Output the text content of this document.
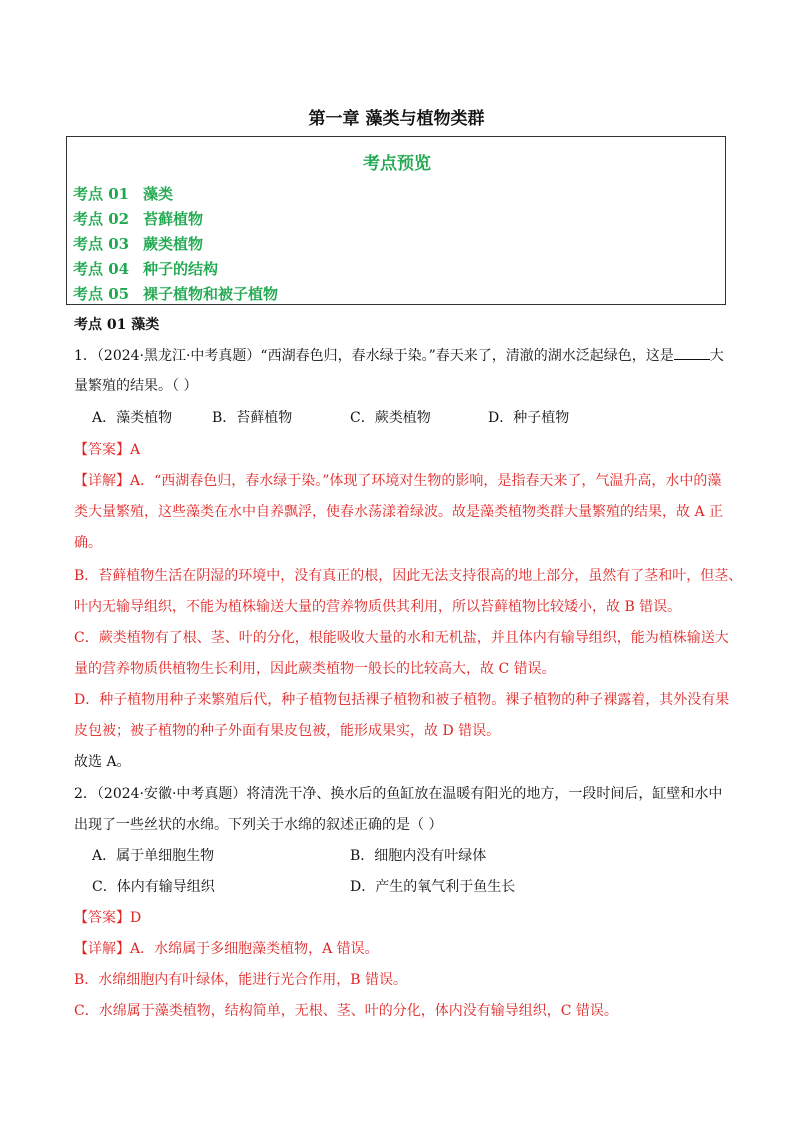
第一章 藻类与植物类群
考点预览
考点 01 藻类
考点 02 苔藓植物
考点 03 蕨类植物
考点 04 种子的结构
考点 05 裸子植物和被子植物
考点 01 藻类
1．（2024·黑龙江·中考真题）“西湖春色归，春水绿于染。”春天来了，清澈的湖水泛起绿色，这是	大
量繁殖的结果。（ ）
A．藻类植物	B．苔藓植物	C．蕨类植物	D．种子植物
【答案】A
【详解】A．“西湖春色归，春水绿于染。”体现了环境对生物的影响，是指春天来了，气温升高，水中的藻
类大量繁殖，这些藻类在水中自养飘浮，使春水荡漾着绿波。故是藻类植物类群大量繁殖的结果，故 A 正
确。
B．苔藓植物生活在阴湿的环境中，没有真正的根，因此无法支持很高的地上部分，虽然有了茎和叶，但茎、
叶内无输导组织，不能为植株输送大量的营养物质供其利用，所以苔藓植物比较矮小，故 B 错误。
C．蕨类植物有了根、茎、叶的分化，根能吸收大量的水和无机盐，并且体内有输导组织，能为植株输送大
量的营养物质供植物生长利用，因此蕨类植物一般长的比较高大，故 C 错误。
D．种子植物用种子来繁殖后代，种子植物包括裸子植物和被子植物。裸子植物的种子裸露着，其外没有果
皮包被；被子植物的种子外面有果皮包被，能形成果实，故 D 错误。
故选 A。
2．（2024·安徽·中考真题）将清洗干净、换水后的鱼缸放在温暖有阳光的地方，一段时间后，缸壁和水中
出现了一些丝状的水绵。下列关于水绵的叙述正确的是（ ）
A．属于单细胞生物	B．细胞内没有叶绿体
C．体内有输导组织	D．产生的氧气利于鱼生长
【答案】D
【详解】A．水绵属于多细胞藻类植物，A 错误。
B．水绵细胞内有叶绿体，能进行光合作用，B 错误。
C．水绵属于藻类植物，结构简单，无根、茎、叶的分化，体内没有输导组织，C 错误。
